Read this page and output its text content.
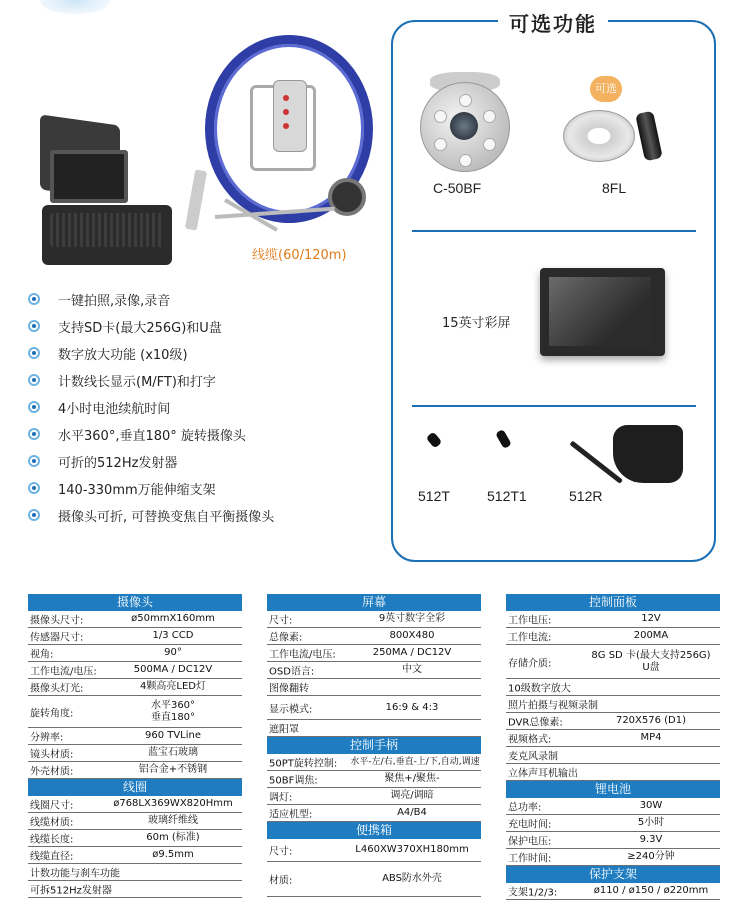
线缆(60/120m)
可选功能
C-50BF
可选
8FL
15英寸彩屏
512T	512T1	512R
一键拍照,录像,录音
支持SD卡(最大256G)和U盘
数字放大功能 (x10级)
计数线长显示(M/FT)和打字
4小时电池续航时间
水平360°,垂直180° 旋转摄像头
可折的512Hz发射器
140-330mm万能伸缩支架
摄像头可折, 可替换变焦自平衡摄像头
摄像头
摄像头尺寸:	ø50mmX160mm
传感器尺寸:	1/3 CCD
视角:	90°
工作电流/电压:	500MA / DC12V
摄像头灯光:	4颗高亮LED灯
旋转角度:
水平360°
垂直180°
分辨率:	960 TVLine
镜头材质:	蓝宝石玻璃
外壳材质:	铝合金+不锈钢
线圈
线圈尺寸:	ø768LX369WX820Hmm
线缆材质:	玻璃纤维线
线缆长度:	60m (标准)
线缆直径:	ø9.5mm
计数功能与刹车功能
可拆512Hz发射器
屏幕
尺寸:	9英寸数字全彩
总像素:	800X480
工作电流/电压:	250MA / DC12V
OSD语言:	中文
图像翻转
显示模式:	16:9 & 4:3
遮阳罩
控制手柄
50PT旋转控制: 水平-左/右,垂直-上/下,自动,调速
50BF调焦:	聚焦+/聚焦-
调灯:	调亮/调暗
适应机型:	A4/B4
便携箱
尺寸:	L460XW370XH180mm
材质:	ABS防水外壳
控制面板
工作电压:	12V
工作电流:	200MA
存储介质:
8G SD 卡(最大支持256G)
U盘
10级数字放大
照片拍摄与视频录制
DVR总像素:	720X576 (D1)
视频格式:	MP4
麦克风录制
立体声耳机输出
锂电池
总功率:	30W
充电时间:	5小时
保护电压:	9.3V
工作时间:	≥240分钟
保护支架
支架1/2/3:	ø110 / ø150 / ø220mm
